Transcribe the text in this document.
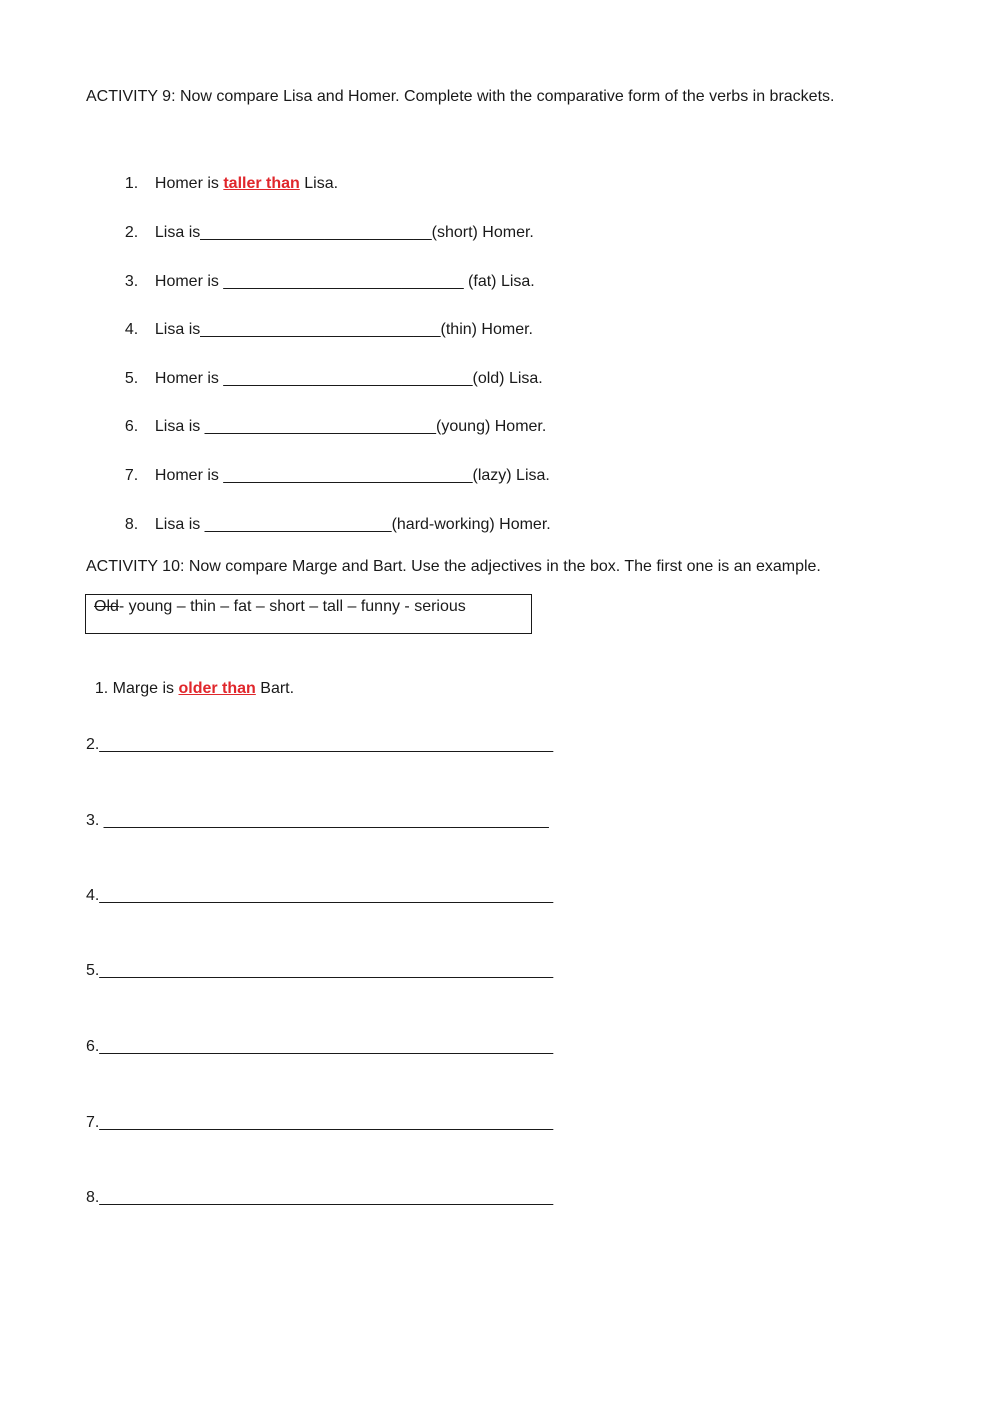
ACTIVITY 9: Now compare Lisa and Homer. Complete with the comparative form of the verbs in brackets.

1. Homer is taller than Lisa.

2. Lisa is__________________________(short) Homer.

3. Homer is ___________________________ (fat) Lisa.

4. Lisa is___________________________(thin) Homer.

5. Homer is ____________________________(old) Lisa.

6. Lisa is __________________________(young) Homer.

7. Homer is ____________________________(lazy) Lisa.

8. Lisa is _____________________(hard-working) Homer.

ACTIVITY 10: Now compare Marge and Bart. Use the adjectives in the box. The first one is an example.
Old- young – thin – fat – short – tall – funny - serious

1. Marge is older than Bart.

2.___________________________________________________
3. __________________________________________________
4.___________________________________________________
5.___________________________________________________
6.___________________________________________________
7.___________________________________________________
8.___________________________________________________
